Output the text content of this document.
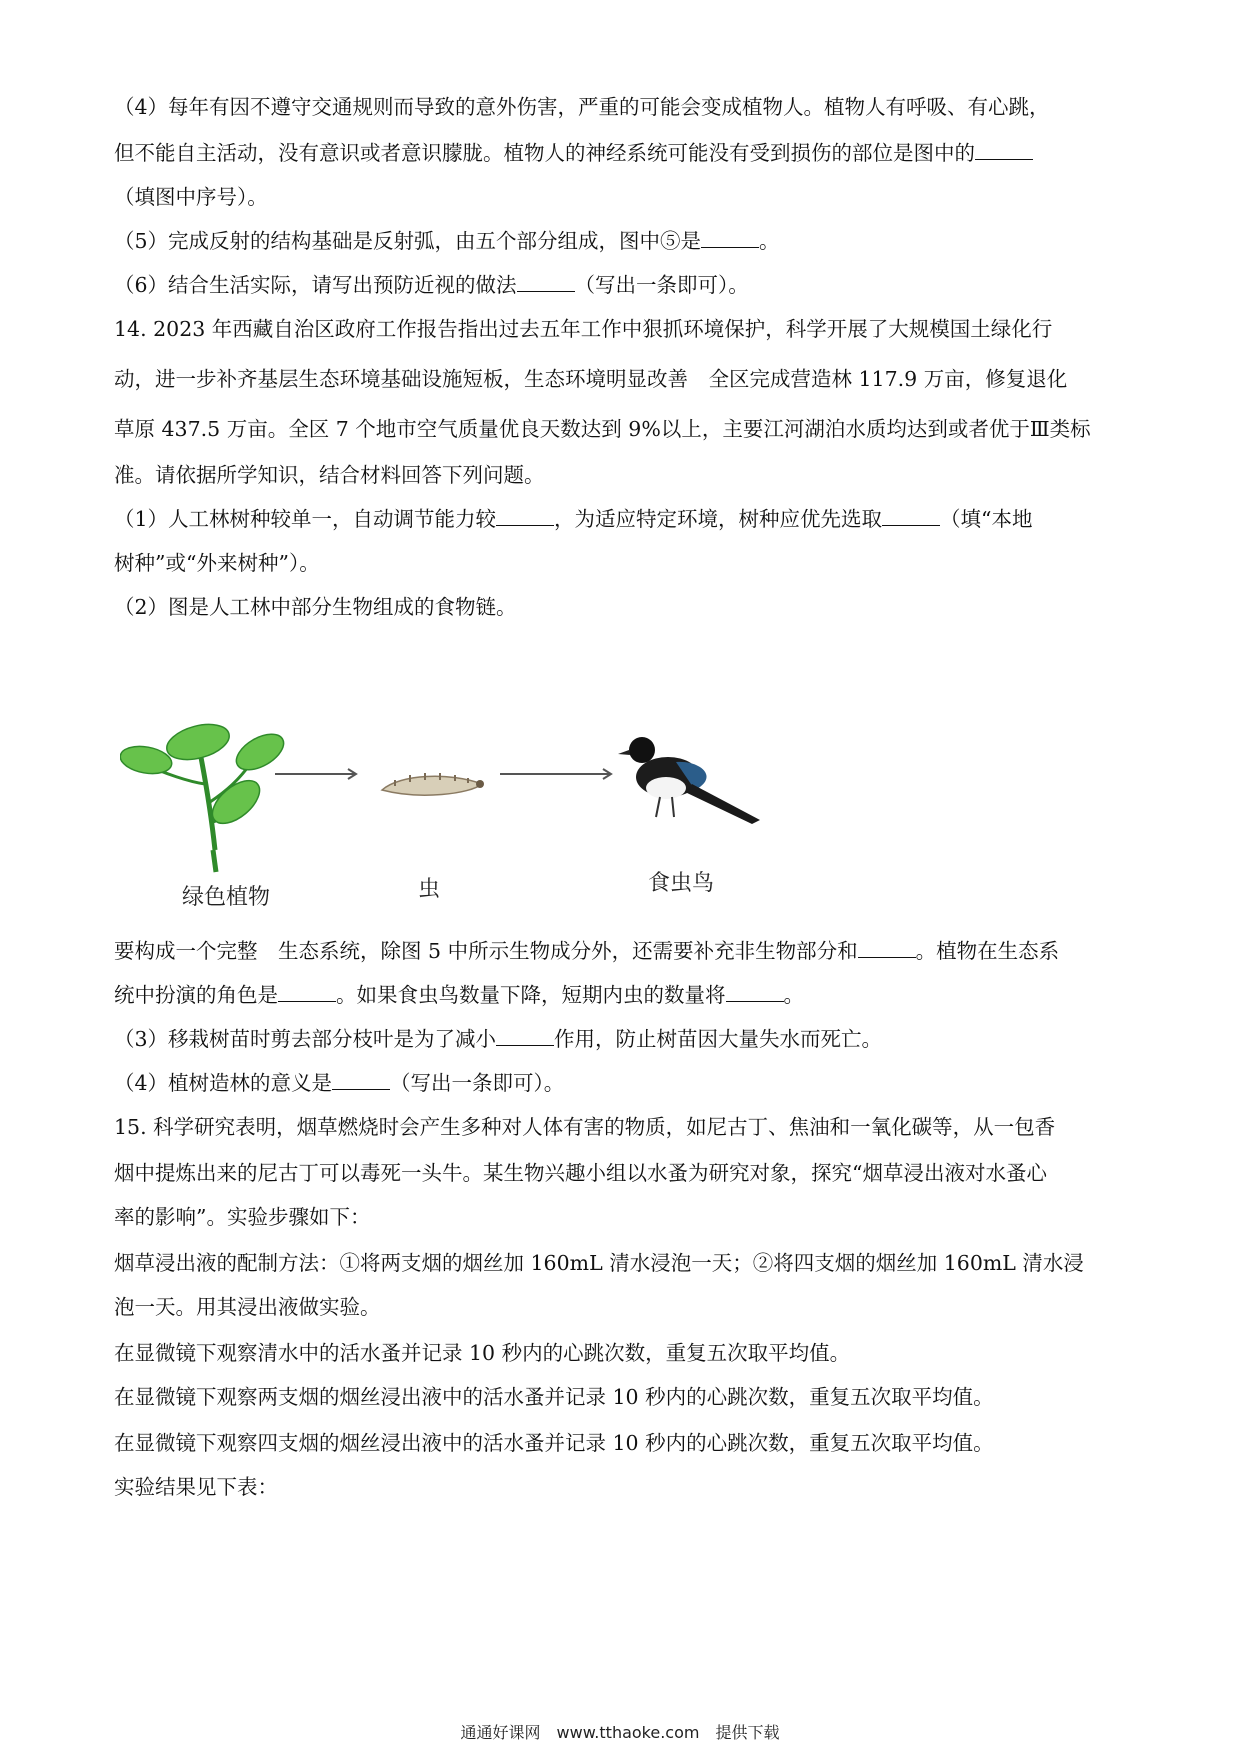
（4）每年有因不遵守交通规则而导致的意外伤害，严重的可能会变成植物人。植物人有呼吸、有心跳，
但不能自主活动，没有意识或者意识朦胧。植物人的神经系统可能没有受到损伤的部位是图中的
（填图中序号）。
（5）完成反射的结构基础是反射弧，由五个部分组成，图中⑤是	。
（6）结合生活实际，请写出预防近视的做法	（写出一条即可）。
14. 2023 年西藏自治区政府工作报告指出过去五年工作中狠抓环境保护，科学开展了大规模国土绿化行
动，进一步补齐基层生态环境基础设施短板，生态环境明显改善　全区完成营造林 117.9 万亩，修复退化
草原 437.5 万亩。全区 7 个地市空气质量优良天数达到 9%以上，主要江河湖泊水质均达到或者优于Ⅲ类标
准。请依据所学知识，结合材料回答下列问题。
（1）人工林树种较单一，自动调节能力较	，为适应特定环境，树种应优先选取	（填“本地
树种”或“外来树种”）。
（2）图是人工林中部分生物组成的食物链。
绿色植物	虫	食虫鸟
要构成一个完整　生态系统，除图 5 中所示生物成分外，还需要补充非生物部分和	。植物在生态系
统中扮演的角色是	。如果食虫鸟数量下降，短期内虫的数量将	。
（3）移栽树苗时剪去部分枝叶是为了减小	作用，防止树苗因大量失水而死亡。
（4）植树造林的意义是	（写出一条即可）。
15. 科学研究表明，烟草燃烧时会产生多种对人体有害的物质，如尼古丁、焦油和一氧化碳等，从一包香
烟中提炼出来的尼古丁可以毒死一头牛。某生物兴趣小组以水蚤为研究对象，探究“烟草浸出液对水蚤心
率的影响”。实验步骤如下：
烟草浸出液的配制方法：①将两支烟的烟丝加 160mL 清水浸泡一天；②将四支烟的烟丝加 160mL 清水浸
泡一天。用其浸出液做实验。
在显微镜下观察清水中的活水蚤并记录 10 秒内的心跳次数，重复五次取平均值。
在显微镜下观察两支烟的烟丝浸出液中的活水蚤并记录 10 秒内的心跳次数，重复五次取平均值。
在显微镜下观察四支烟的烟丝浸出液中的活水蚤并记录 10 秒内的心跳次数，重复五次取平均值。
实验结果见下表：
通通好课网　www.tthaoke.com　提供下载
